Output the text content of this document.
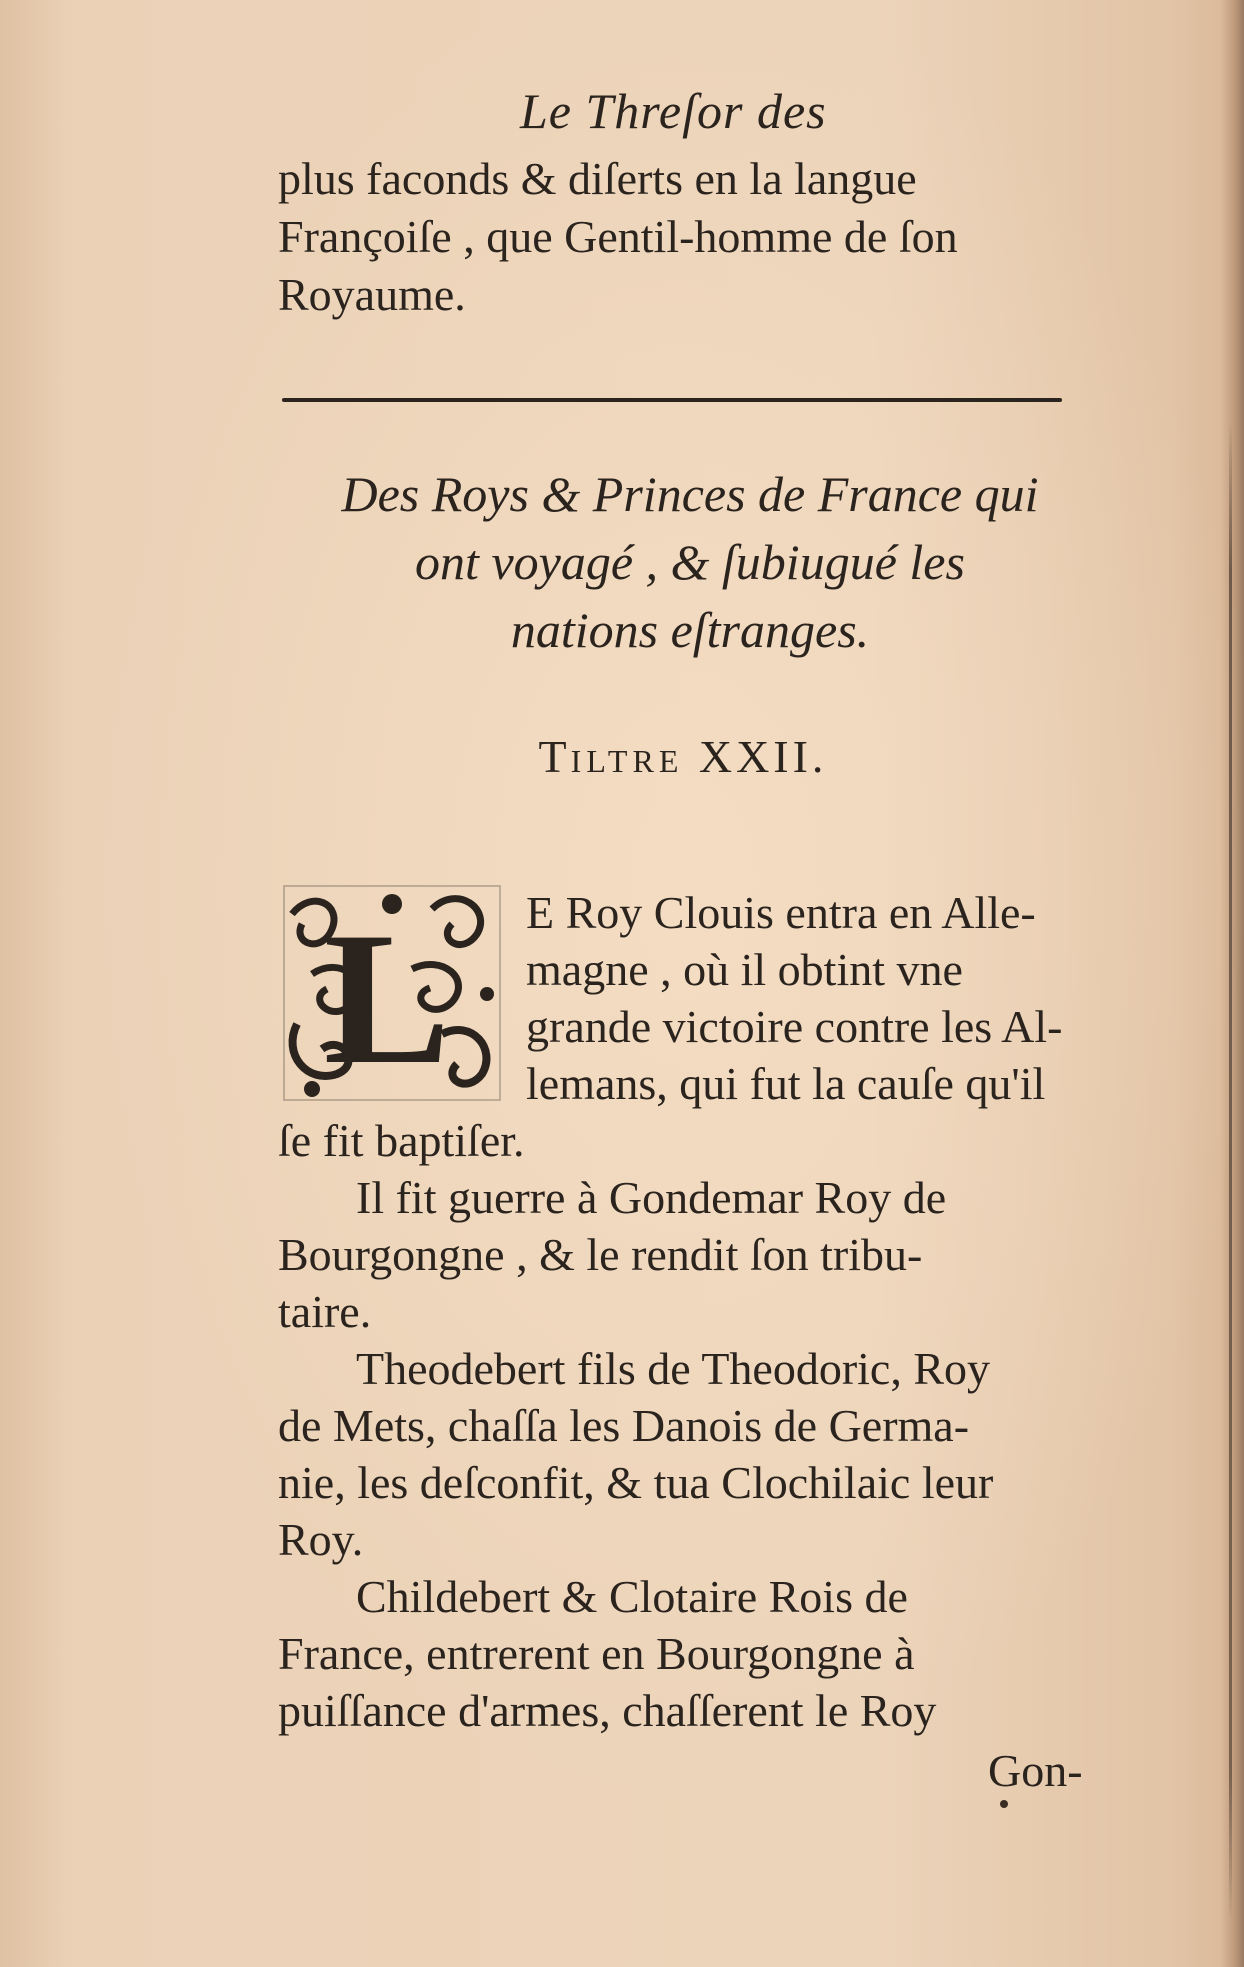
Le Threſor des
plus faconds & diſerts en la langue
Françoiſe , que Gentil-homme de ſon
Royaume.
Des Roys & Princes de France qui
ont voyagé , & ſubiugué les
nations eſtranges.
TILTRE XXII.
L E Roy Clouis entra en Alle-
magne , où il obtint vne
grande victoire contre les Al-
lemans, qui fut la cauſe qu'il
ſe fit baptiſer.
Il fit guerre à Gondemar Roy de
Bourgongne , & le rendit ſon tribu-
taire.
Theodebert fils de Theodoric, Roy
de Mets, chaſſa les Danois de Germa-
nie, les deſconfit, & tua Clochilaic leur
Roy.
Childebert & Clotaire Rois de
France, entrerent en Bourgongne à
puiſſance d'armes, chaſſerent le Roy
Gon-
